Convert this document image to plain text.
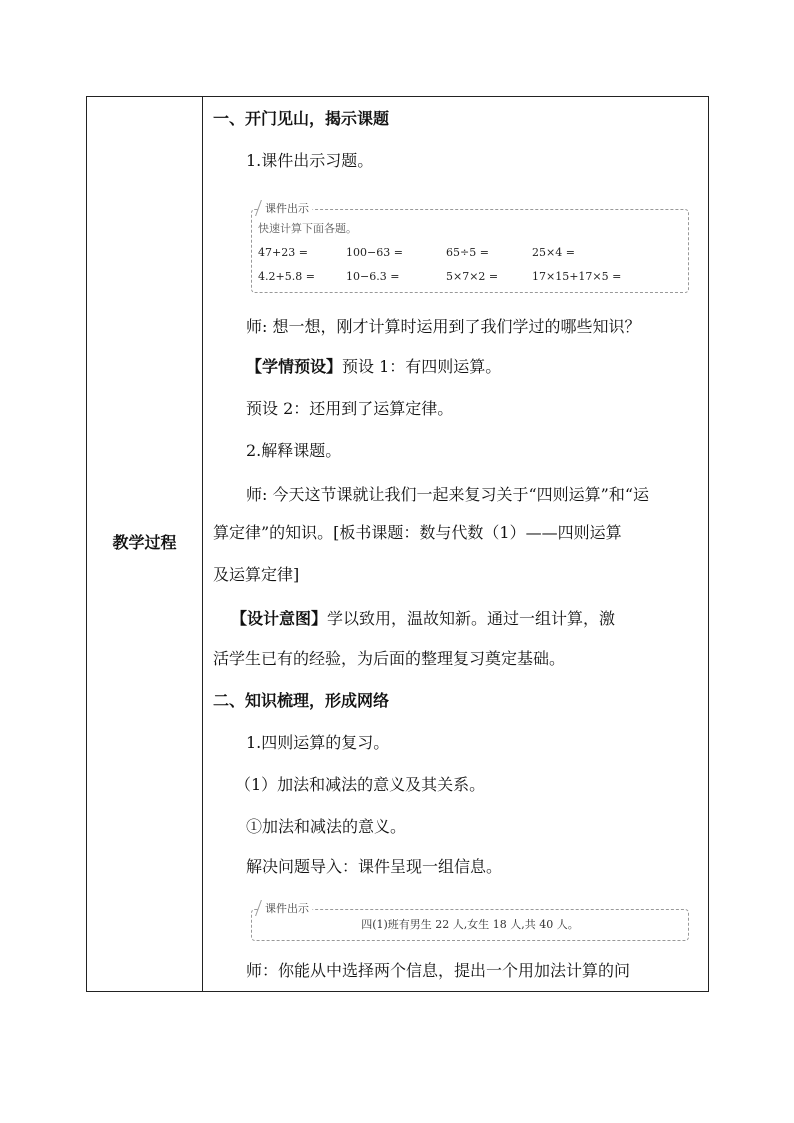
教学过程
一、开门见山，揭示课题
1.课件出示习题。
课件出示
快速计算下面各题。
47+23 =	100−63 =	65÷5 =	25×4 =
4.2+5.8 =	10−6.3 =	5×7×2 =	17×15+17×5 =
师: 想一想，刚才计算时运用到了我们学过的哪些知识？
【学情预设】预设 1：有四则运算。
预设 2：还用到了运算定律。
2.解释课题。
师: 今天这节课就让我们一起来复习关于“四则运算”和“运
算定律”的知识。[板书课题：数与代数（1）——四则运算
及运算定律]
【设计意图】学以致用，温故知新。通过一组计算，激
活学生已有的经验，为后面的整理复习奠定基础。
二、知识梳理，形成网络
1.四则运算的复习。
（1）加法和减法的意义及其关系。
①加法和减法的意义。
解决问题导入：课件呈现一组信息。
课件出示
四(1)班有男生 22 人,女生 18 人,共 40 人。
师：你能从中选择两个信息，提出一个用加法计算的问
